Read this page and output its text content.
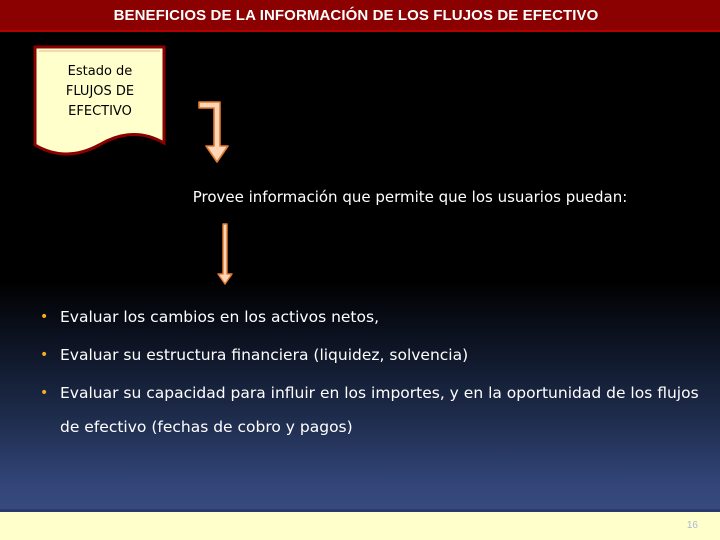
BENEFICIOS DE LA INFORMACIÓN DE LOS FLUJOS DE EFECTIVO
Estado de
FLUJOS DE
EFECTIVO
Provee información que permite que los usuarios puedan:
• Evaluar los cambios en los activos netos,
• Evaluar su estructura financiera (liquidez, solvencia)
• Evaluar su capacidad para influir en los importes, y en la oportunidad de los flujos de efectivo (fechas de cobro y pagos)
16
